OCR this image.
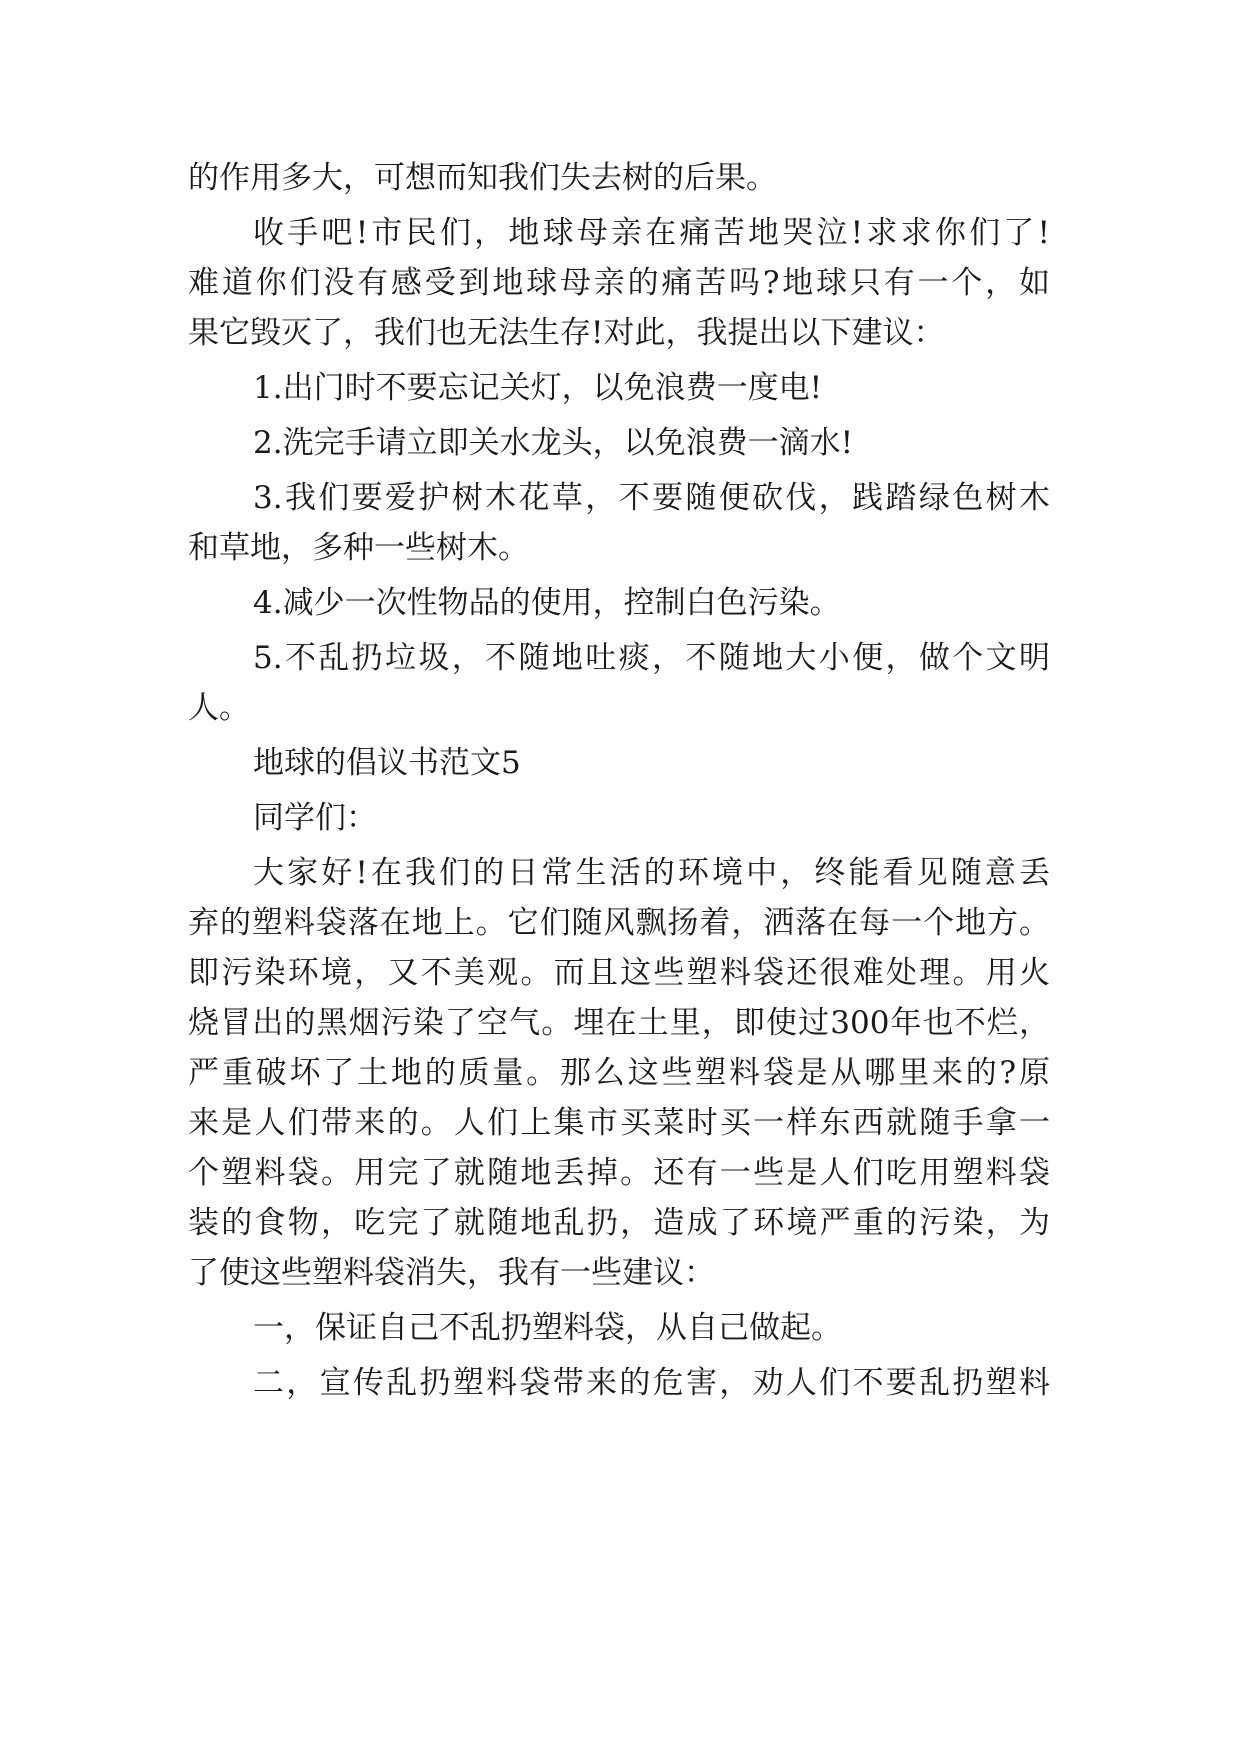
的作用多大，可想而知我们失去树的后果。

收手吧!市民们，地球母亲在痛苦地哭泣!求求你们了!

难道你们没有感受到地球母亲的痛苦吗?地球只有一个，如

果它毁灭了，我们也无法生存!对此，我提出以下建议：

1.出门时不要忘记关灯，以免浪费一度电!

2.洗完手请立即关水龙头，以免浪费一滴水!

3.我们要爱护树木花草，不要随便砍伐，践踏绿色树木

和草地，多种一些树木。

4.减少一次性物品的使用，控制白色污染。

5.不乱扔垃圾，不随地吐痰，不随地大小便，做个文明

人。

地球的倡议书范文5

同学们：

大家好!在我们的日常生活的环境中，终能看见随意丢

弃的塑料袋落在地上。它们随风飘扬着，洒落在每一个地方。

即污染环境，又不美观。而且这些塑料袋还很难处理。用火

烧冒出的黑烟污染了空气。埋在土里，即使过300年也不烂，

严重破坏了土地的质量。那么这些塑料袋是从哪里来的?原

来是人们带来的。人们上集市买菜时买一样东西就随手拿一

个塑料袋。用完了就随地丢掉。还有一些是人们吃用塑料袋

装的食物，吃完了就随地乱扔，造成了环境严重的污染，为

了使这些塑料袋消失，我有一些建议：

一，保证自己不乱扔塑料袋，从自己做起。

二，宣传乱扔塑料袋带来的危害，劝人们不要乱扔塑料
